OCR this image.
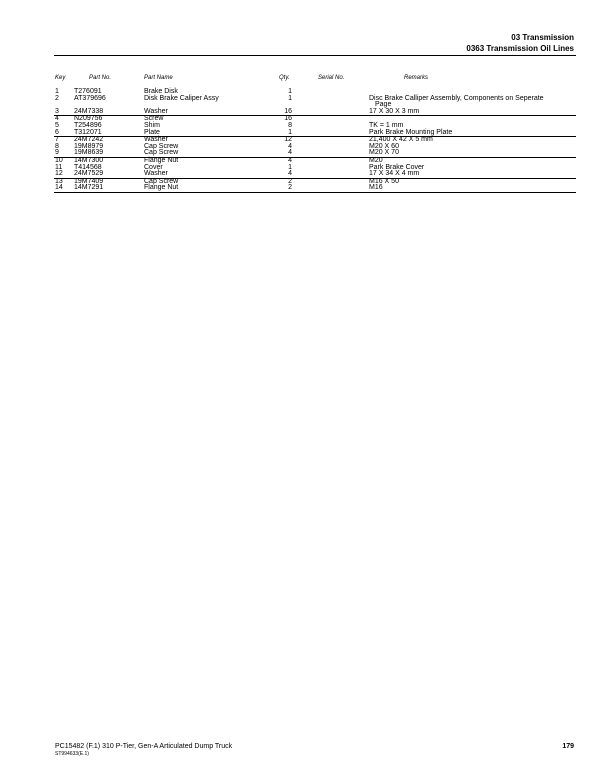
03 Transmission
0363 Transmission Oil Lines
Key	Part No.	Part Name	Qty.	Serial No.	Remarks
1 T276091	Brake Disk	1
2 AT379696	Disk Brake Caliper Assy	1	Disc Brake Calliper Assembly, Components on Seperate
Page
3 24M7338	Washer	16	17 X 30 X 3 mm
4 N209756	Screw	16
5 T254896	Shim	8	TK = 1 mm
6 T312071	Plate	1	Park Brake Mounting Plate
7 24M7242	Washer	12	21,400 X 42 X 5 mm
8 19M8979	Cap Screw	4	M20 X 60
9 19M8639	Cap Screw	4	M20 X 70
10 14M7300	Flange Nut	4	M20
11 T414568	Cover	1	Park Brake Cover
12 24M7529	Washer	4	17 X 34 X 4 mm
13 19M7409	Cap Screw	2	M16 X 50
14 14M7291	Flange Nut	2	M16
PC15482 (F.1) 310 P-Tier, Gen-A Articulated Dump Truck
ST994633(E.1)
179
